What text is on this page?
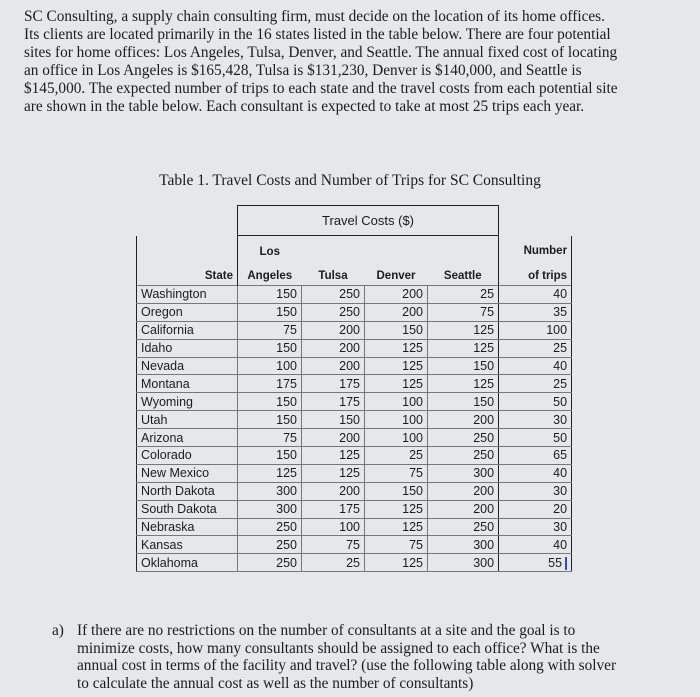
SC Consulting, a supply chain consulting firm, must decide on the location of its home offices.
Its clients are located primarily in the 16 states listed in the table below. There are four potential
sites for home offices: Los Angeles, Tulsa, Denver, and Seattle. The annual fixed cost of locating
an office in Los Angeles is $165,428, Tulsa is $131,230, Denver is $140,000, and Seattle is
$145,000. The expected number of trips to each state and the travel costs from each potential site
are shown in the table below. Each consultant is expected to take at most 25 trips each year.
Table 1. Travel Costs and Number of Trips for SC Consulting
	Travel Costs ($)				
	Los				Number
State	Angeles	Tulsa	Denver	Seattle	of trips
Washington	150	250	200	25	40
Oregon	150	250	200	75	35
California	75	200	150	125	100
Idaho	150	200	125	125	25
Nevada	100	200	125	150	40
Montana	175	175	125	125	25
Wyoming	150	175	100	150	50
Utah	150	150	100	200	30
Arizona	75	200	100	250	50
Colorado	150	125	25	250	65
New Mexico	125	125	75	300	40
North Dakota	300	200	150	200	30
South Dakota	300	175	125	200	20
Nebraska	250	100	125	250	30
Kansas	250	75	75	300	40
Oklahoma	250	25	125	300	55
a) If there are no restrictions on the number of consultants at a site and the goal is to
minimize costs, how many consultants should be assigned to each office? What is the
annual cost in terms of the facility and travel? (use the following table along with solver
to calculate the annual cost as well as the number of consultants)
